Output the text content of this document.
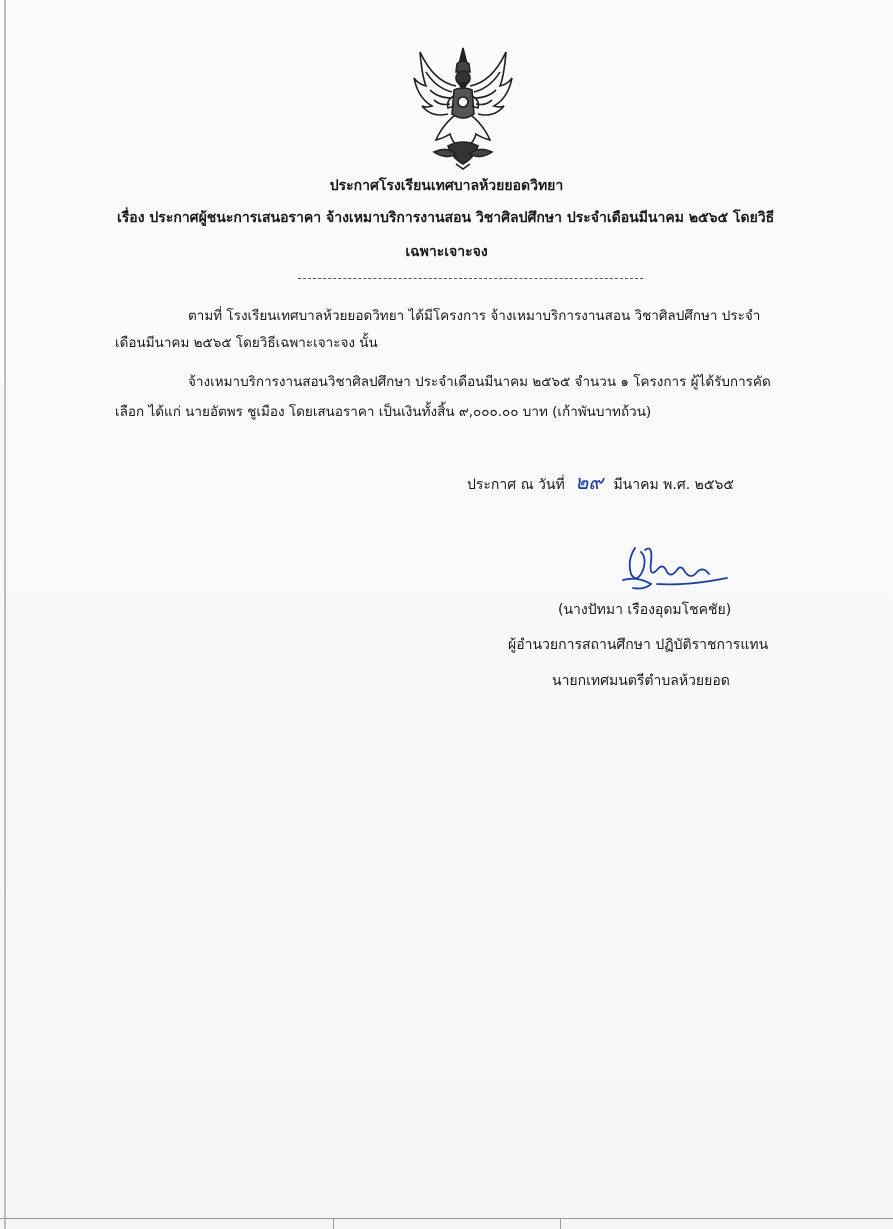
ประกาศโรงเรียนเทศบาลห้วยยอดวิทยา
เรื่อง ประกาศผู้ชนะการเสนอราคา จ้างเหมาบริการงานสอน วิชาศิลปศึกษา ประจำเดือนมีนาคม ๒๕๖๕ โดยวิธี
เฉพาะเจาะจง
ตามที่ โรงเรียนเทศบาลห้วยยอดวิทยา ได้มีโครงการ จ้างเหมาบริการงานสอน วิชาศิลปศึกษา ประจำ
เดือนมีนาคม ๒๕๖๕ โดยวิธีเฉพาะเจาะจง นั้น
จ้างเหมาบริการงานสอนวิชาศิลปศึกษา ประจำเดือนมีนาคม ๒๕๖๕ จำนวน ๑ โครงการ ผู้ได้รับการคัด
เลือก ได้แก่ นายอัตพร ชูเมือง โดยเสนอราคา เป็นเงินทั้งสิ้น ๙,๐๐๐.๐๐ บาท (เก้าพันบาทถ้วน)
ประกาศ ณ วันที่ ๒๙ มีนาคม พ.ศ. ๒๕๖๕
(นางปัทมา เรืองอุดมโชคชัย)
ผู้อำนวยการสถานศึกษา ปฏิบัติราชการแทน
นายกเทศมนตรีตำบลห้วยยอด
